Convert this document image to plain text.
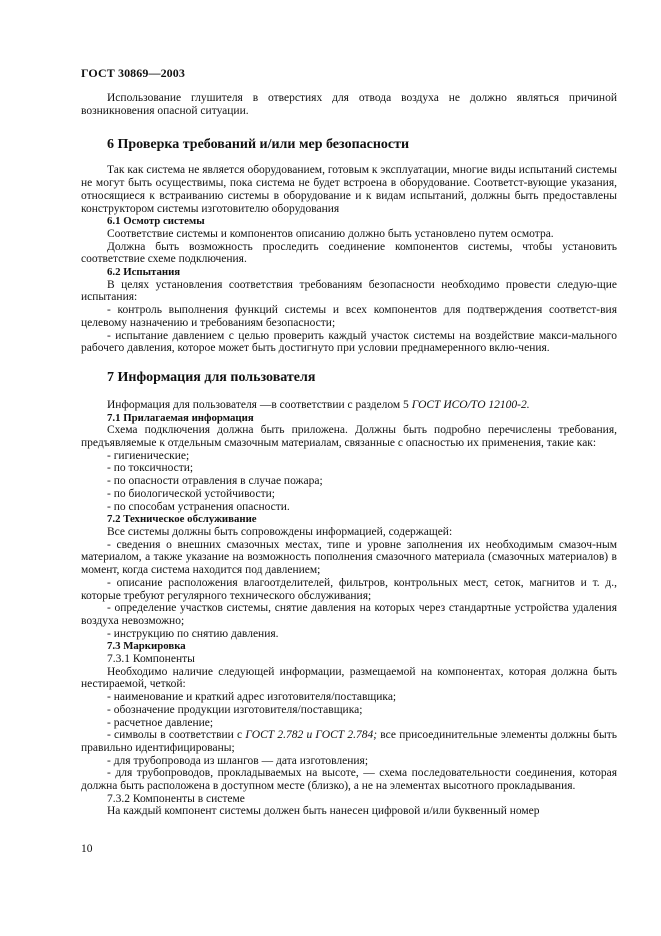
ГОСТ 30869—2003

Использование глушителя в отверстиях для отвода воздуха не должно являться причиной возникновения опасной ситуации.

6 Проверка требований и/или мер безопасности

Так как система не является оборудованием, готовым к эксплуатации, многие виды испытаний системы не могут быть осуществимы, пока система не будет встроена в оборудование. Соответст-вующие указания, относящиеся к встраиванию системы в оборудование и к видам испытаний, должны быть предоставлены конструктором системы изготовителю оборудования

6.1 Осмотр системы

Соответствие системы и компонентов описанию должно быть установлено путем осмотра.

Должна быть возможность проследить соединение компонентов системы, чтобы установить соответствие схеме подключения.

6.2 Испытания

В целях установления соответствия требованиям безопасности необходимо провести следую-щие испытания:

- контроль выполнения функций системы и всех компонентов для подтверждения соответст-вия целевому назначению и требованиям безопасности;

- испытание давлением с целью проверить каждый участок системы на воздействие макси-мального рабочего давления, которое может быть достигнуто при условии преднамеренного вклю-чения.

7 Информация для пользователя

Информация для пользователя —в соответствии с разделом 5 ГОСТ ИСО/ТО 12100-2.

7.1 Прилагаемая информация

Схема подключения должна быть приложена. Должны быть подробно перечислены требования, предъявляемые к отдельным смазочным материалам, связанные с опасностью их применения, такие как:

- гигиенические;

- по токсичности;

- по опасности отравления в случае пожара;

- по биологической устойчивости;

- по способам устранения опасности.

7.2 Техническое обслуживание

Все системы должны быть сопровождены информацией, содержащей:

- сведения о внешних смазочных местах, типе и уровне заполнения их необходимым смазоч-ным материалом, а также указание на возможность пополнения смазочного материала (смазочных материалов) в момент, когда система находится под давлением;

- описание расположения влагоотделителей, фильтров, контрольных мест, сеток, магнитов и т. д., которые требуют регулярного технического обслуживания;

- определение участков системы, снятие давления на которых через стандартные устройства удаления воздуха невозможно;

- инструкцию по снятию давления.

7.3 Маркировка
7.3.1 Компоненты

Необходимо наличие следующей информации, размещаемой на компонентах, которая должна быть нестираемой, четкой:

- наименование и краткий адрес изготовителя/поставщика;

- обозначение продукции изготовителя/поставщика;

- расчетное давление;

- символы в соответствии с ГОСТ 2.782 и ГОСТ 2.784; все присоединительные элементы должны быть правильно идентифицированы;

- для трубопровода из шлангов — дата изготовления;

- для трубопроводов, прокладываемых на высоте, — схема последовательности соединения, которая должна быть расположена в доступном месте (близко), а не на элементах высотного прокладывания.

7.3.2 Компоненты в системе

На каждый компонент системы должен быть нанесен цифровой и/или буквенный номер

10
